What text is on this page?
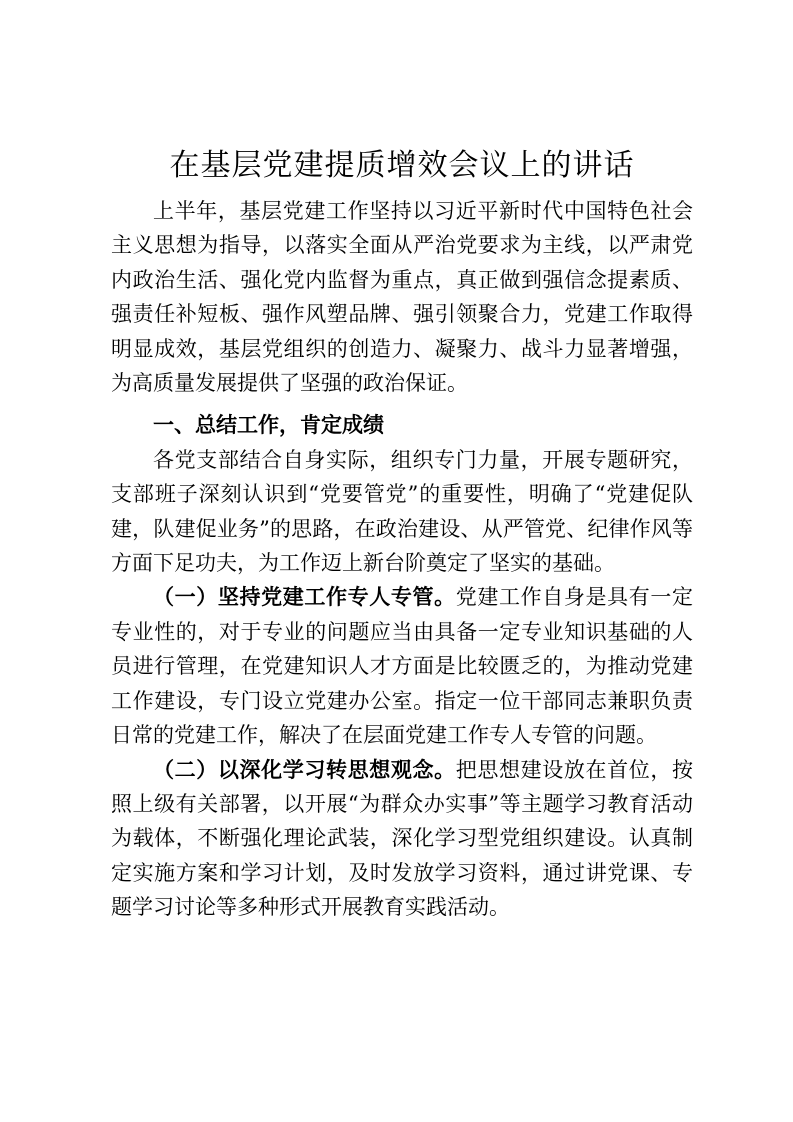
在基层党建提质增效会议上的讲话

上半年，基层党建工作坚持以习近平新时代中国特色社会主义思想为指导，以落实全面从严治党要求为主线，以严肃党内政治生活、强化党内监督为重点，真正做到强信念提素质、强责任补短板、强作风塑品牌、强引领聚合力，党建工作取得明显成效，基层党组织的创造力、凝聚力、战斗力显著增强，为高质量发展提供了坚强的政治保证。

一、总结工作，肯定成绩

各党支部结合自身实际，组织专门力量，开展专题研究，支部班子深刻认识到“党要管党”的重要性，明确了“党建促队建，队建促业务”的思路，在政治建设、从严管党、纪律作风等方面下足功夫，为工作迈上新台阶奠定了坚实的基础。

（一）坚持党建工作专人专管。党建工作自身是具有一定专业性的，对于专业的问题应当由具备一定专业知识基础的人员进行管理，在党建知识人才方面是比较匮乏的，为推动党建工作建设，专门设立党建办公室。指定一位干部同志兼职负责日常的党建工作，解决了在层面党建工作专人专管的问题。

（二）以深化学习转思想观念。把思想建设放在首位，按照上级有关部署，以开展“为群众办实事”等主题学习教育活动为载体，不断强化理论武装，深化学习型党组织建设。认真制定实施方案和学习计划，及时发放学习资料，通过讲党课、专题学习讨论等多种形式开展教育实践活动。
